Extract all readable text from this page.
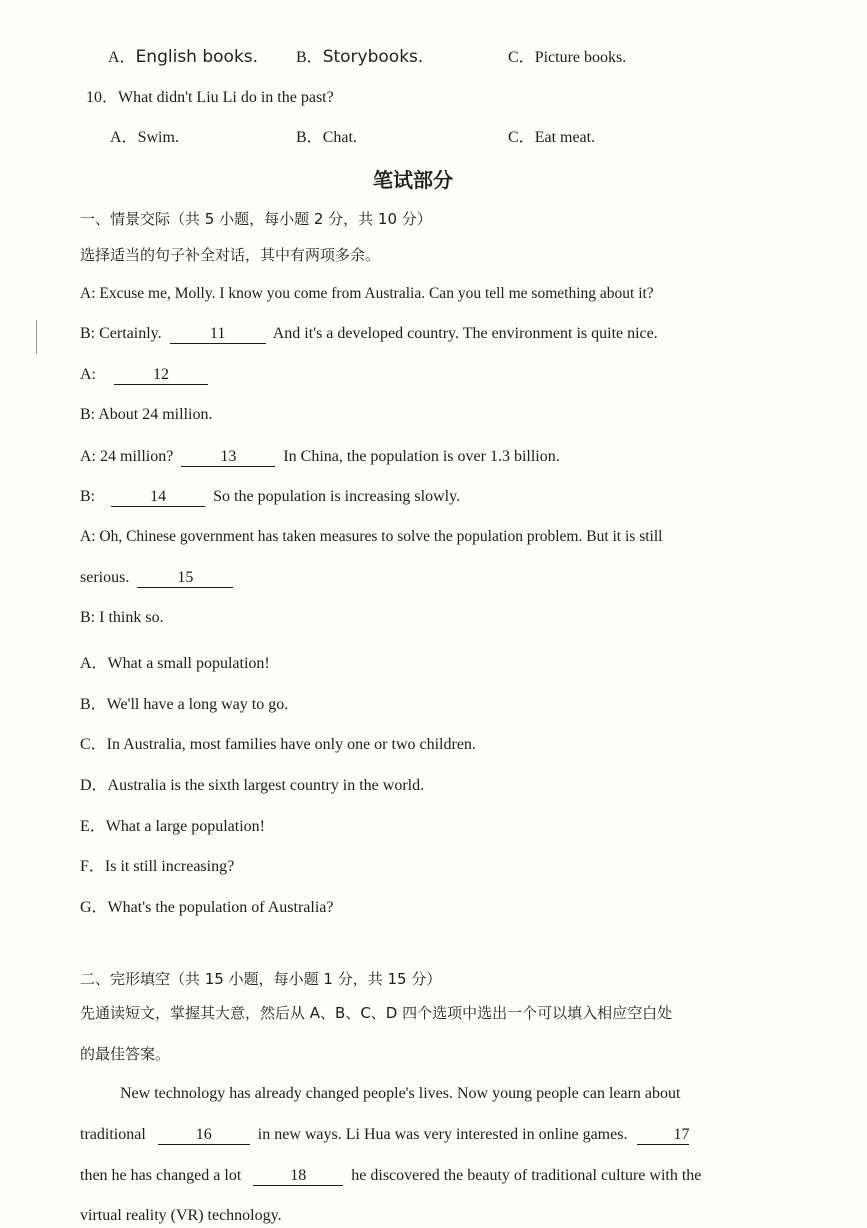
A．English books. B．Storybooks.	C．Picture books.
10．What didn't Liu Li do in the past?
A．Swim.	B．Chat.	C．Eat meat.
笔试部分
一、情景交际（共 5 小题，每小题 2 分，共 10 分）
选择适当的句子补全对话，其中有两项多余。
A: Excuse me, Molly. I know you come from Australia. Can you tell me something about it?
B: Certainly.	11	And it's a developed country. The environment is quite nice.
A:	12
B: About 24 million.
A: 24 million?	13	In China, the population is over 1.3 billion.
B:	14	So the population is increasing slowly.
A: Oh, Chinese government has taken measures to solve the population problem. But it is still
serious.	15
B: I think so.
A．What a small population!
B．We'll have a long way to go.
C．In Australia, most families have only one or two children.
D．Australia is the sixth largest country in the world.
E．What a large population!
F．Is it still increasing?
G．What's the population of Australia?
二、完形填空（共 15 小题，每小题 1 分，共 15 分）
先通读短文，掌握其大意，然后从 A、B、C、D 四个选项中选出一个可以填入相应空白处
的最佳答案。
New technology has already changed people's lives. Now young people can learn about
traditional	16	in new ways. Li Hua was very interested in online games.	17
then he has changed a lot	18	he discovered the beauty of traditional culture with the
virtual reality (VR) technology.
